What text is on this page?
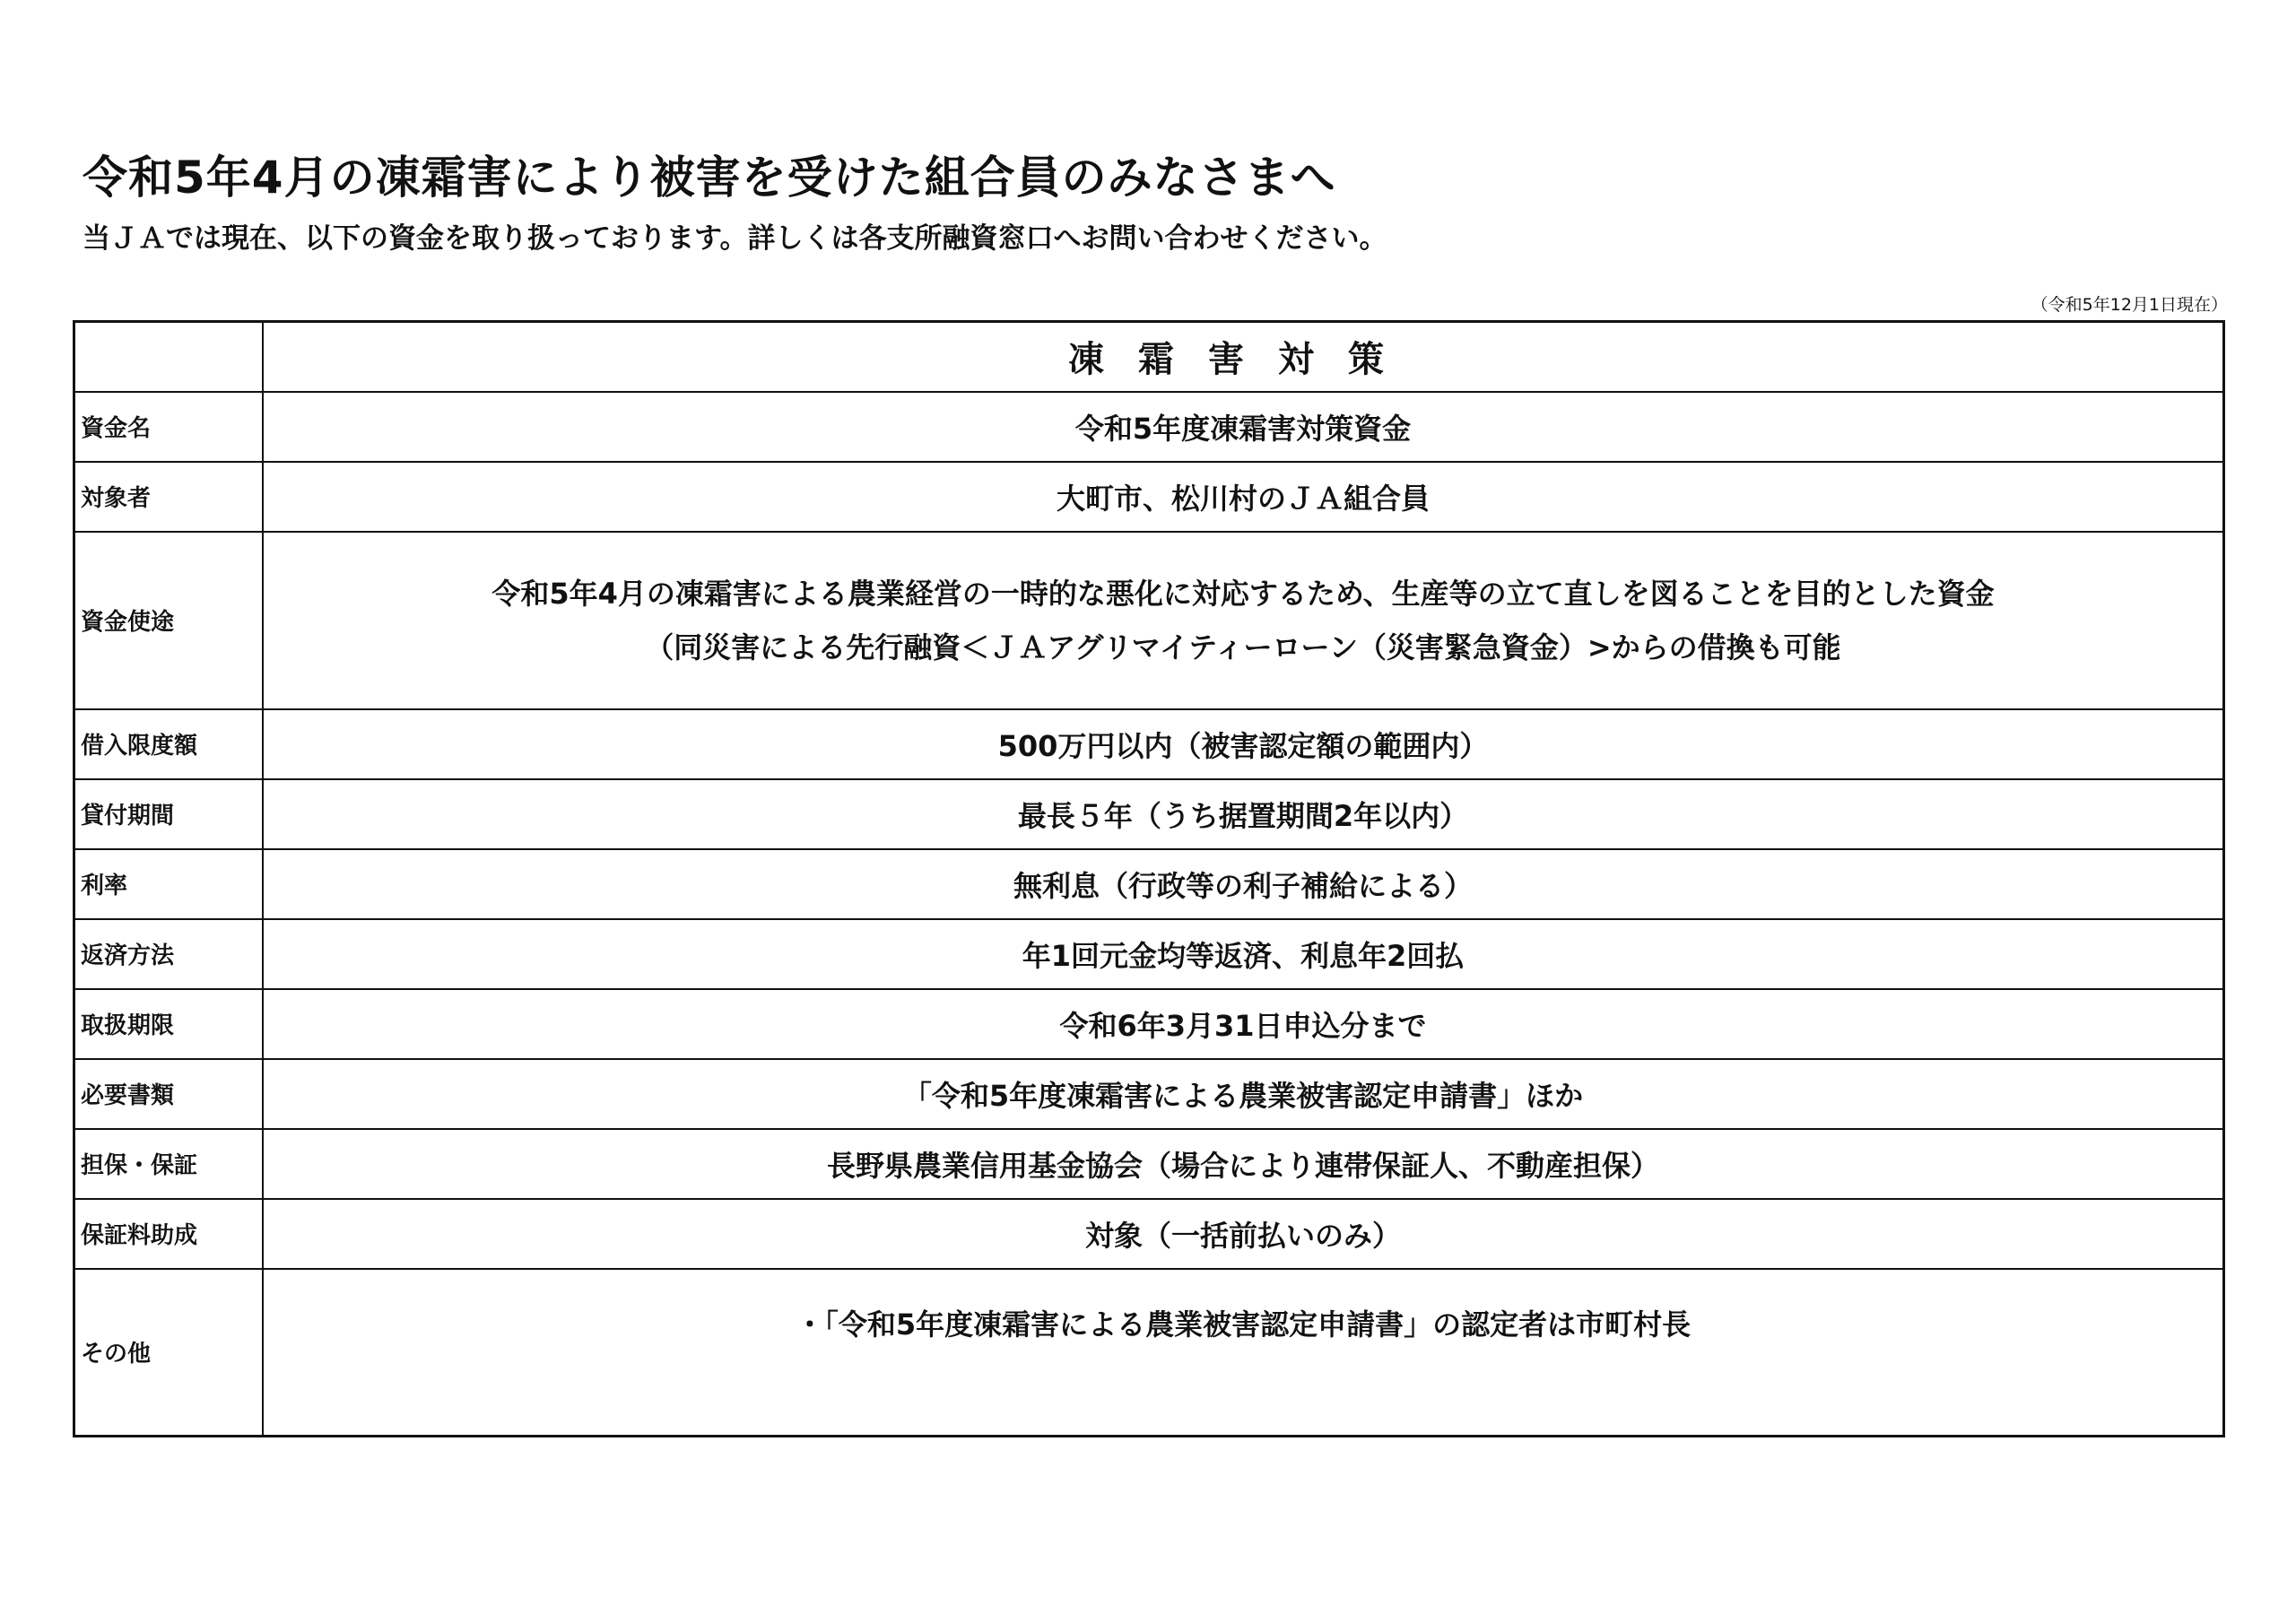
令和5年4月の凍霜害により被害を受けた組合員のみなさまへ
当ＪＡでは現在、以下の資金を取り扱っております。詳しくは各支所融資窓口へお問い合わせください。
（令和5年12月1日現在）
	凍霜害対策
資金名	令和5年度凍霜害対策資金
対象者	大町市、松川村のＪＡ組合員
資金使途	令和5年4月の凍霜害による農業経営の一時的な悪化に対応するため、生産等の立て直しを図ることを目的とした資金
（同災害による先行融資＜ＪＡアグリマイティーローン（災害緊急資金）>からの借換も可能

借入限度額	500万円以内（被害認定額の範囲内）
貸付期間	最長５年（うち据置期間2年以内）
利率	無利息（行政等の利子補給による）
返済方法	年1回元金均等返済、利息年2回払
取扱期限	令和6年3月31日申込分まで
必要書類	「令和5年度凍霜害による農業被害認定申請書」ほか
担保・保証	長野県農業信用基金協会（場合により連帯保証人、不動産担保）
保証料助成	対象（一括前払いのみ）
その他	・「令和5年度凍霜害による農業被害認定申請書」の認定者は市町村長
